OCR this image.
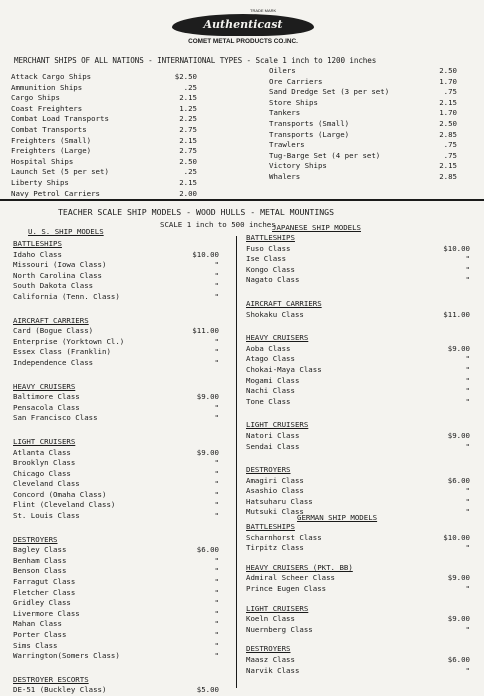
TRADE MARK
Authenticast
COMET METAL PRODUCTS CO.INC.
MERCHANT SHIPS OF ALL NATIONS - INTERNATIONAL TYPES - Scale 1 inch to 1200 inches
Attack Cargo Ships	$2.50
Ammunition Ships	.25
Cargo Ships	2.15
Coast Freighters	1.25
Combat Load Transports	2.25
Combat Transports	2.75
Freighters (Small)	2.15
Freighters (Large)	2.75
Hospital Ships	2.50
Launch Set (5 per set)	.25
Liberty Ships	2.15
Navy Petrol Carriers	2.00
Oilers	2.50
Ore Carriers	1.70
Sand Dredge Set (3 per set)	.75
Store Ships	2.15
Tankers	1.70
Transports (Small)	2.50
Transports (Large)	2.85
Trawlers	.75
Tug-Barge Set (4 per set)	.75
Victory Ships	2.15
Whalers	2.85
TEACHER SCALE SHIP MODELS - WOOD HULLS - METAL MOUNTINGS
SCALE 1 inch to 500 inches
U. S. SHIP MODELS	JAPANESE SHIP MODELS
BATTLESHIPS
Idaho Class	$10.00
Missouri (Iowa Class)	"
North Carolina Class	"
South Dakota Class	"
California (Tenn. Class)	"
AIRCRAFT CARRIERS
Card (Bogue Class)	$11.00
Enterprise (Yorktown Cl.)	"
Essex Class (Franklin)	"
Independence Class	"
HEAVY CRUISERS
Baltimore Class	$9.00
Pensacola Class	"
San Francisco Class	"
LIGHT CRUISERS
Atlanta Class	$9.00
Brooklyn Class	"
Chicago Class	"
Cleveland Class	"
Concord (Omaha Class)	"
Flint (Cleveland Class)	"
St. Louis Class	"
DESTROYERS
Bagley Class	$6.00
Benham Class	"
Benson Class	"
Farragut Class	"
Fletcher Class	"
Gridley Class	"
Livermore Class	"
Mahan Class	"
Porter Class	"
Sims Class	"
Warrington(Somers Class)	"
DESTROYER ESCORTS
DE-51 (Buckley Class)	$5.00
BATTLESHIPS
Fuso Class	$10.00
Ise Class	"
Kongo Class	"
Nagato Class	"
AIRCRAFT CARRIERS
Shokaku Class	$11.00
HEAVY CRUISERS
Aoba Class	$9.00
Atago Class	"
Chokai-Maya Class	"
Mogami Class	"
Nachi Class	"
Tone Class	"
LIGHT CRUISERS
Natori Class	$9.00
Sendai Class	"
DESTROYERS
Amagiri Class	$6.00
Asashio Class	"
Hatsuharu Class	"
Mutsuki Class	"
GERMAN SHIP MODELS
BATTLESHIPS
Scharnhorst Class	$10.00
Tirpitz Class	"
HEAVY CRUISERS (PKT. BB)
Admiral Scheer Class	$9.00
Prince Eugen Class	"
LIGHT CRUISERS
Koeln Class	$9.00
Nuernberg Class	"
DESTROYERS
Maasz Class	$6.00
Narvik Class	"
